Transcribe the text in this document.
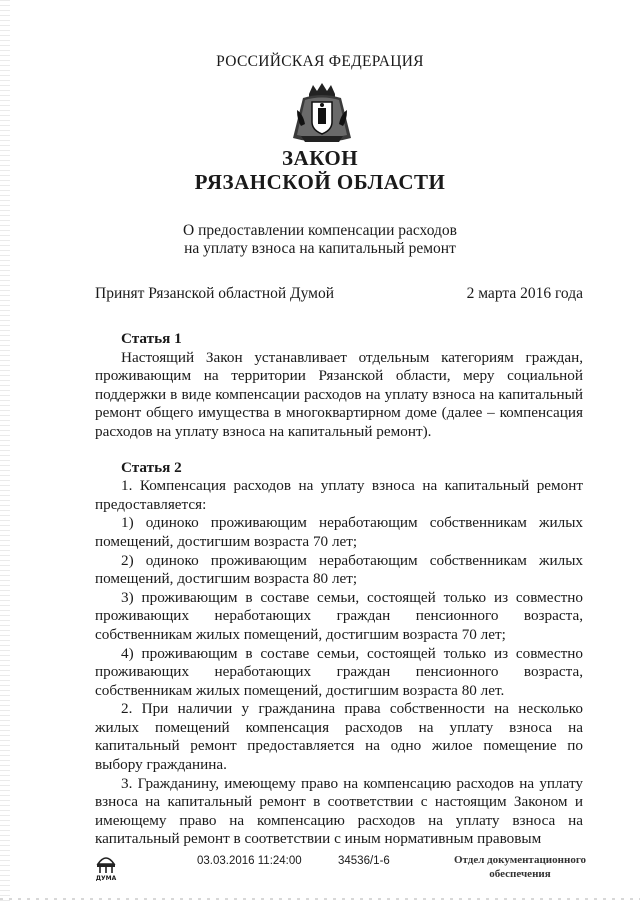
РОССИЙСКАЯ ФЕДЕРАЦИЯ
ЗАКОН
РЯЗАНСКОЙ ОБЛАСТИ
О предоставлении компенсации расходов
на уплату взноса на капитальный ремонт
Принят Рязанской областной Думой	2 марта 2016 года
Статья 1

Настоящий Закон устанавливает отдельным категориям граждан, проживающим на территории Рязанской области, меру социальной поддержки в виде компенсации расходов на уплату взноса на капитальный ремонт общего имущества в многоквартирном доме (далее – компенсация расходов на уплату взноса на капитальный ремонт).

Статья 2

1. Компенсация расходов на уплату взноса на капитальный ремонт предоставляется:

1) одиноко проживающим неработающим собственникам жилых помещений, достигшим возраста 70 лет;

2) одиноко проживающим неработающим собственникам жилых помещений, достигшим возраста 80 лет;

3) проживающим в составе семьи, состоящей только из совместно проживающих неработающих граждан пенсионного возраста, собственникам жилых помещений, достигшим возраста 70 лет;

4) проживающим в составе семьи, состоящей только из совместно проживающих неработающих граждан пенсионного возраста, собственникам жилых помещений, достигшим возраста 80 лет.

2. При наличии у гражданина права собственности на несколько жилых помещений компенсация расходов на уплату взноса на капитальный ремонт предоставляется на одно жилое помещение по выбору гражданина.

3. Гражданину, имеющему право на компенсацию расходов на уплату взноса на капитальный ремонт в соответствии с настоящим Законом и имеющему право на компенсацию расходов на уплату взноса на капитальный ремонт в соответствии с иным нормативным правовым

ДУМА
03.03.2016 11:24:00	34536/1-6	Отдел документационного
обеспечения
